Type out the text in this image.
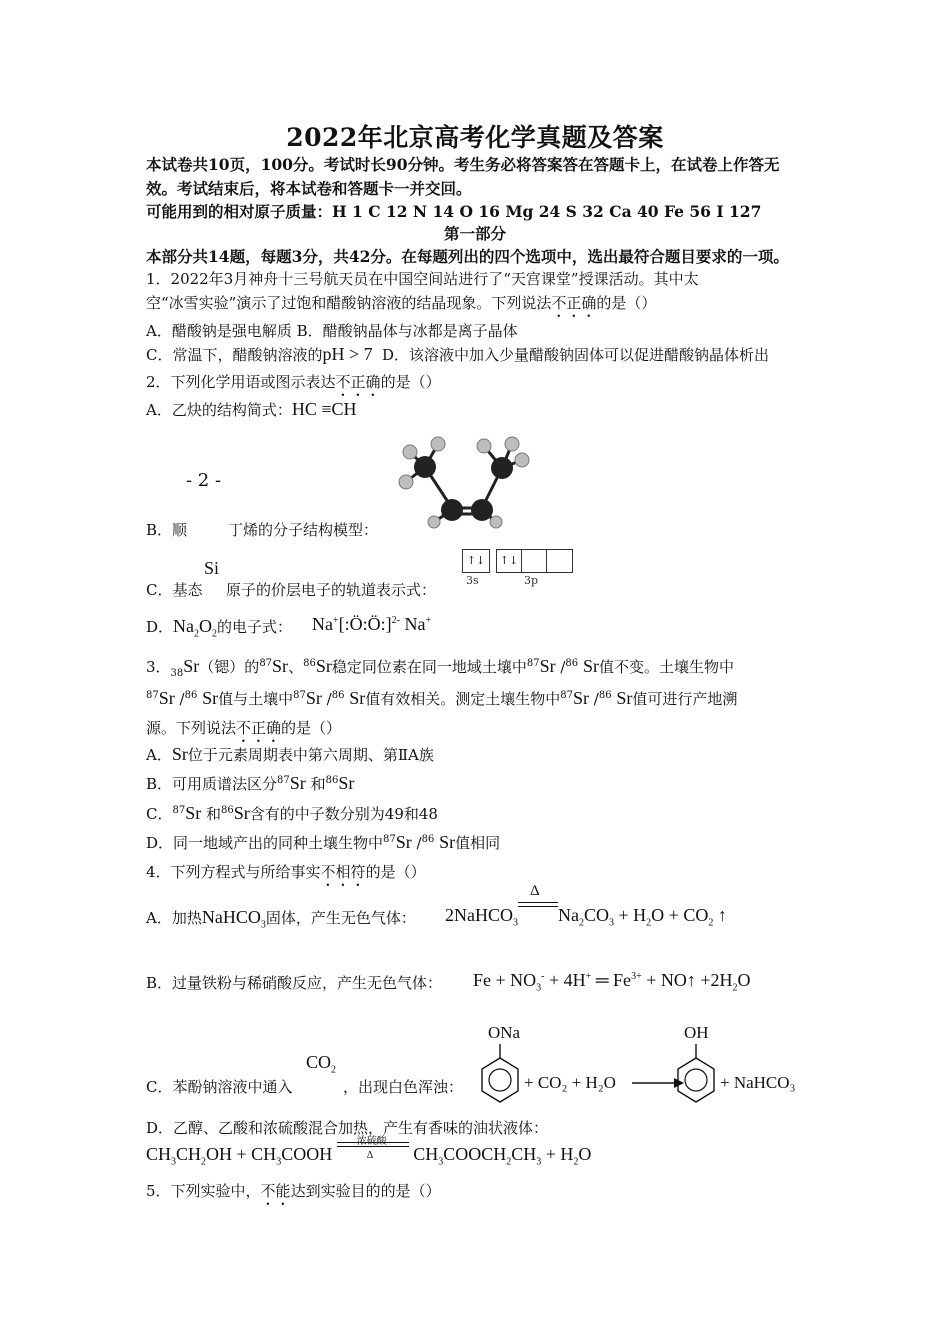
2022年北京高考化学真题及答案
本试卷共10页，100分。考试时长90分钟。考生务必将答案答在答题卡上，在试卷上作答无
效。考试结束后，将本试卷和答题卡一并交回。
可能用到的相对原子质量：H 1 C 12 N 14 O 16 Mg 24 S 32 Ca 40 Fe 56 I 127
第一部分
本部分共14题，每题3分，共42分。在每题列出的四个选项中，选出最符合题目要求的一项。
1．2022年3月神舟十三号航天员在中国空间站进行了“天宫课堂”授课活动。其中太
空“冰雪实验”演示了过饱和醋酸钠溶液的结晶现象。下列说法不正确的是（）
A．醋酸钠是强电解质 B．醋酸钠晶体与冰都是离子晶体
C．常温下，醋酸钠溶液的pH > 7 D．该溶液中加入少量醋酸钠固体可以促进醋酸钠晶体析出
2．下列化学用语或图示表达不正确的是（）
A．乙炔的结构简式：HC ≡CH
- 2 -
B．顺	丁烯的分子结构模型：
Si
C．基态 原子的价层电子的轨道表示式：
↑↓	↑↓
3s	3p
D．$Na_2O_2$的电子式： Na+[:Ö:Ö:]$^{2-}$ Na+
3．$_{38}$Sr（锶）的$^{87}$Sr、$^{86}$Sr稳定同位素在同一地域土壤中$^{87}$Sr /$^{86}$ Sr值不变。土壤生物中
$^{87}$Sr /$^{86}$ Sr值与土壤中$^{87}$Sr /$^{86}$ Sr值有效相关。测定土壤生物中$^{87}$Sr /$^{86}$ Sr值可进行产地溯
源。下列说法不正确的是（）
A．Sr位于元素周期表中第六周期、第ⅡA族
B．可用质谱法区分$^{87}$Sr 和$^{86}$Sr
C．$^{87}$Sr 和$^{86}$Sr含有的中子数分别为49和48
D．同一地域产出的同种土壤生物中$^{87}$Sr /$^{86}$ Sr值相同
4．下列方程式与所给事实不相符的是（）
A．加热NaHCO$_3$固体，产生无色气体： 2NaHCO$_3$
Δ
$Na_2CO_3 + H_2O + CO_2$ ↑
B．过量铁粉与稀硝酸反应，产生无色气体： $Fe + NO_3^- + 4H^+$ ═ $Fe^{3+}$ + NO↑ $+2H_2O$
$CO_2$
C．苯酚钠溶液中通入	，出现白色浑浊：
ONa
+ CO₂ + H₂O
OH
+ NaHCO₃
D．乙醇、乙酸和浓硫酸混合加热，产生有香味的油状液体：
$CH_3CH_2OH$ + $CH_3COOH$
浓硫酸
Δ $CH_3COOCH_2CH_3 + H_2O$
5．下列实验中，不能达到实验目的的是（）
